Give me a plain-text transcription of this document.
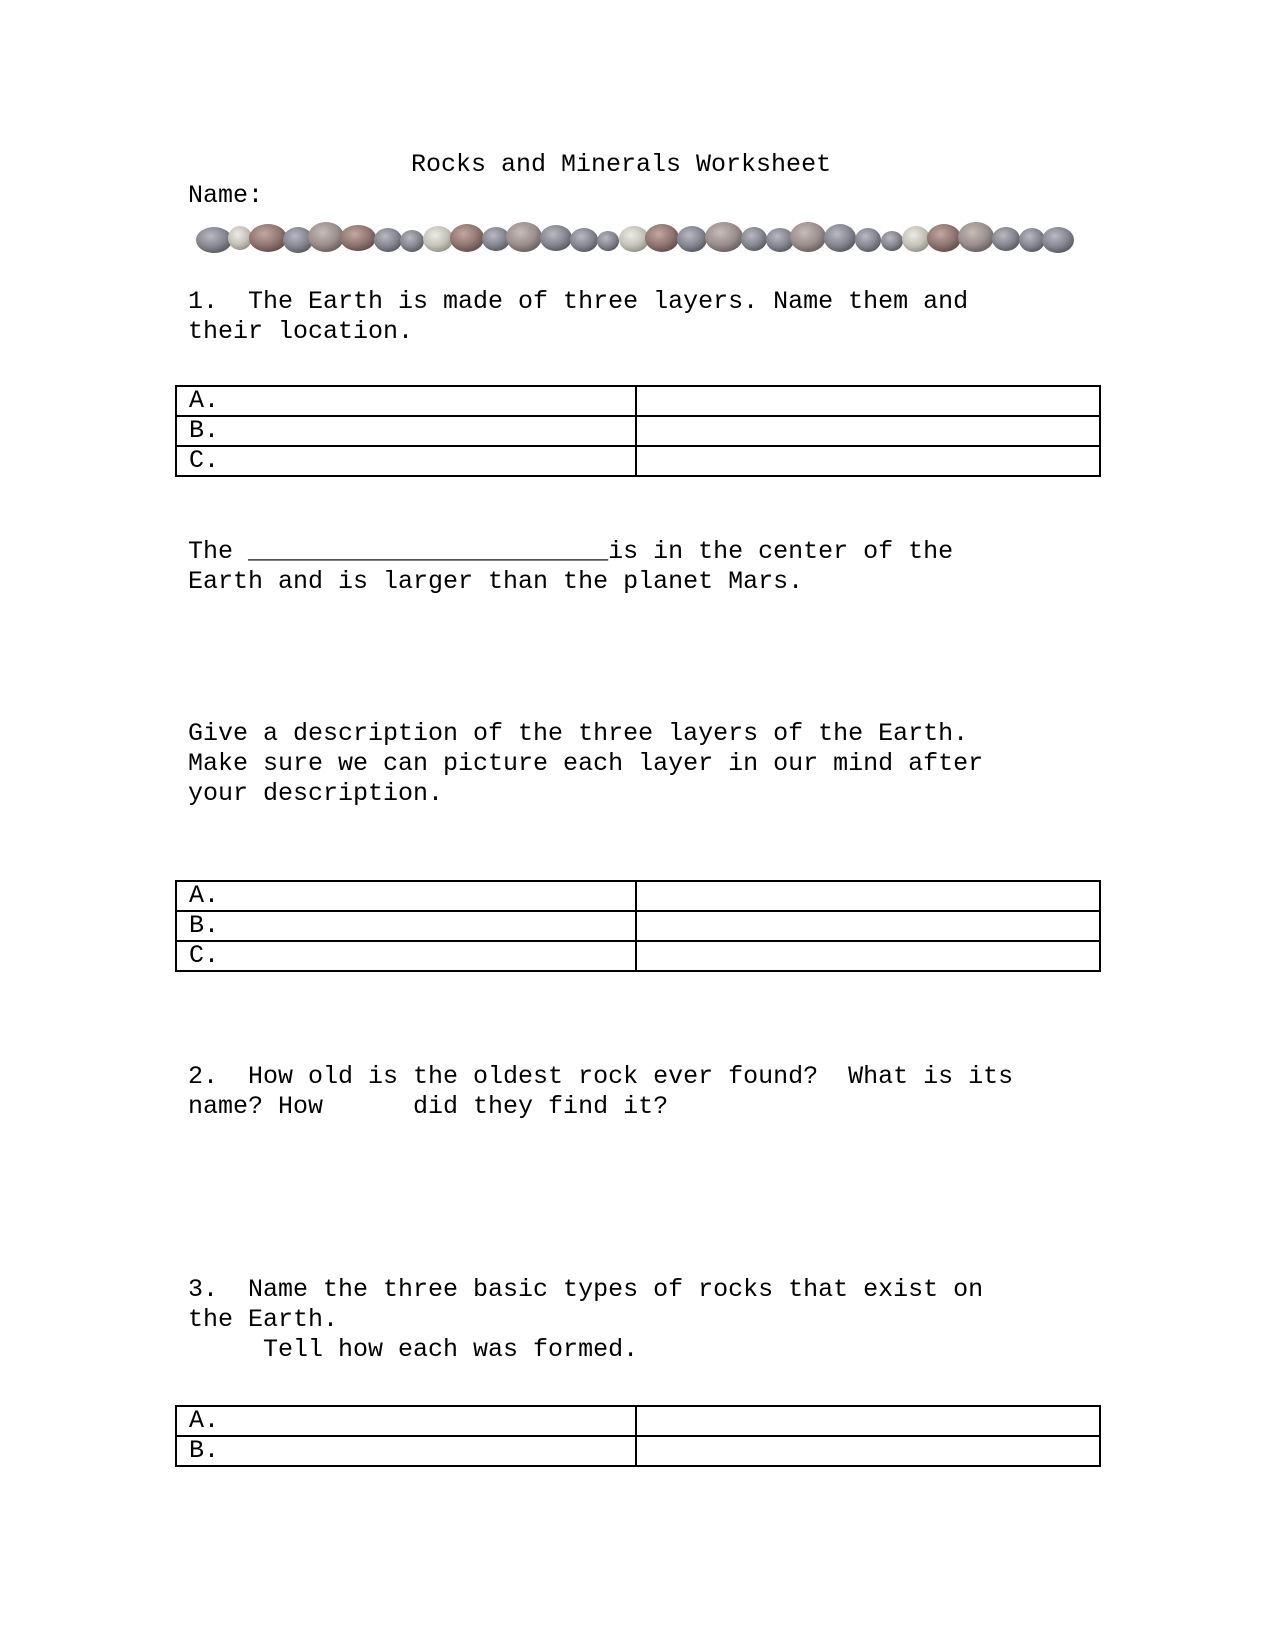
Rocks and Minerals Worksheet
Name:
1.  The Earth is made of three layers. Name them and
their location.
A.	
B.	
C.	
The ________________________is in the center of the
Earth and is larger than the planet Mars.
Give a description of the three layers of the Earth.
Make sure we can picture each layer in our mind after
your description.
A.	
B.	
C.	
2.  How old is the oldest rock ever found?  What is its
name? How      did they find it?
3.  Name the three basic types of rocks that exist on
the Earth.
Tell how each was formed.
A.	
B.	
